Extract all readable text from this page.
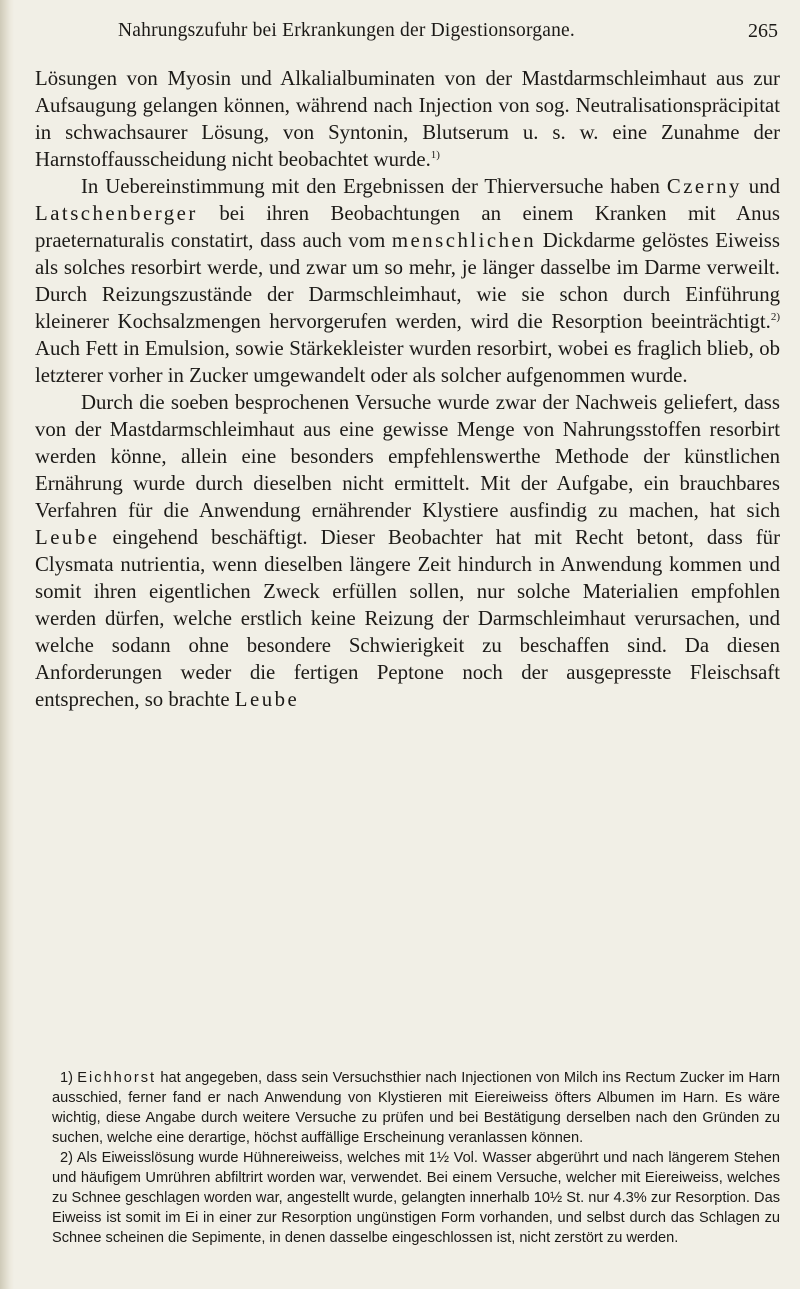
Nahrungszufuhr bei Erkrankungen der Digestionsorgane.	265

Lösungen von Myosin und Alkalialbuminaten von der Mastdarmschleimhaut aus zur Aufsaugung gelangen können, während nach Injection von sog. Neutralisationspräcipitat in schwachsaurer Lösung, von Syntonin, Blutserum u. s. w. eine Zunahme der Harnstoffausscheidung nicht beobachtet wurde.$^{1)}$

In Uebereinstimmung mit den Ergebnissen der Thierversuche haben Czerny und Latschenberger bei ihren Beobachtungen an einem Kranken mit Anus praeternaturalis constatirt, dass auch vom menschlichen Dickdarme gelöstes Eiweiss als solches resorbirt werde, und zwar um so mehr, je länger dasselbe im Darme verweilt. Durch Reizungszustände der Darmschleimhaut, wie sie schon durch Einführung kleinerer Kochsalzmengen hervorgerufen werden, wird die Resorption beeinträchtigt.$^{2)}$ Auch Fett in Emulsion, sowie Stärkekleister wurden resorbirt, wobei es fraglich blieb, ob letzterer vorher in Zucker umgewandelt oder als solcher aufgenommen wurde.

Durch die soeben besprochenen Versuche wurde zwar der Nachweis geliefert, dass von der Mastdarmschleimhaut aus eine gewisse Menge von Nahrungsstoffen resorbirt werden könne, allein eine besonders empfehlenswerthe Methode der künstlichen Ernährung wurde durch dieselben nicht ermittelt. Mit der Aufgabe, ein brauchbares Verfahren für die Anwendung ernährender Klystiere ausfindig zu machen, hat sich Leube eingehend beschäftigt. Dieser Beobachter hat mit Recht betont, dass für Clysmata nutrientia, wenn dieselben längere Zeit hindurch in Anwendung kommen und somit ihren eigentlichen Zweck erfüllen sollen, nur solche Materialien empfohlen werden dürfen, welche erstlich keine Reizung der Darmschleimhaut verursachen, und welche sodann ohne besondere Schwierigkeit zu beschaffen sind. Da diesen Anforderungen weder die fertigen Peptone noch der ausgepresste Fleischsaft entsprechen, so brachte Leube

1) Eichhorst hat angegeben, dass sein Versuchsthier nach Injectionen von Milch ins Rectum Zucker im Harn ausschied, ferner fand er nach Anwendung von Klystieren mit Eiereiweiss öfters Albumen im Harn. Es wäre wichtig, diese Angabe durch weitere Versuche zu prüfen und bei Bestätigung derselben nach den Gründen zu suchen, welche eine derartige, höchst auffällige Erscheinung veranlassen können.

2) Als Eiweisslösung wurde Hühnereiweiss, welches mit 1½ Vol. Wasser abgerührt und nach längerem Stehen und häufigem Umrühren abfiltrirt worden war, verwendet. Bei einem Versuche, welcher mit Eiereiweiss, welches zu Schnee geschlagen worden war, angestellt wurde, gelangten innerhalb 10½ St. nur 4.3% zur Resorption. Das Eiweiss ist somit im Ei in einer zur Resorption ungünstigen Form vorhanden, und selbst durch das Schlagen zu Schnee scheinen die Sepimente, in denen dasselbe eingeschlossen ist, nicht zerstört zu werden.
